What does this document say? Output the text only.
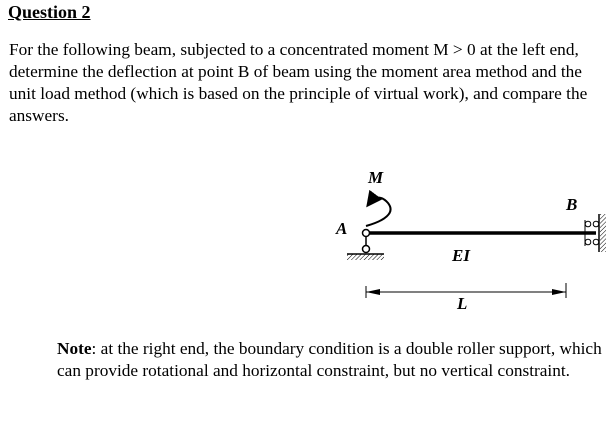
Question 2

For the following beam, subjected to a concentrated moment M > 0 at the left end, determine the deflection at point B of beam using the moment area method and the unit load method (which is based on the principle of virtual work), and compare the answers.

M
A
B
EI
L

Note: at the right end, the boundary condition is a double roller support, which can provide rotational and horizontal constraint, but no vertical constraint.
